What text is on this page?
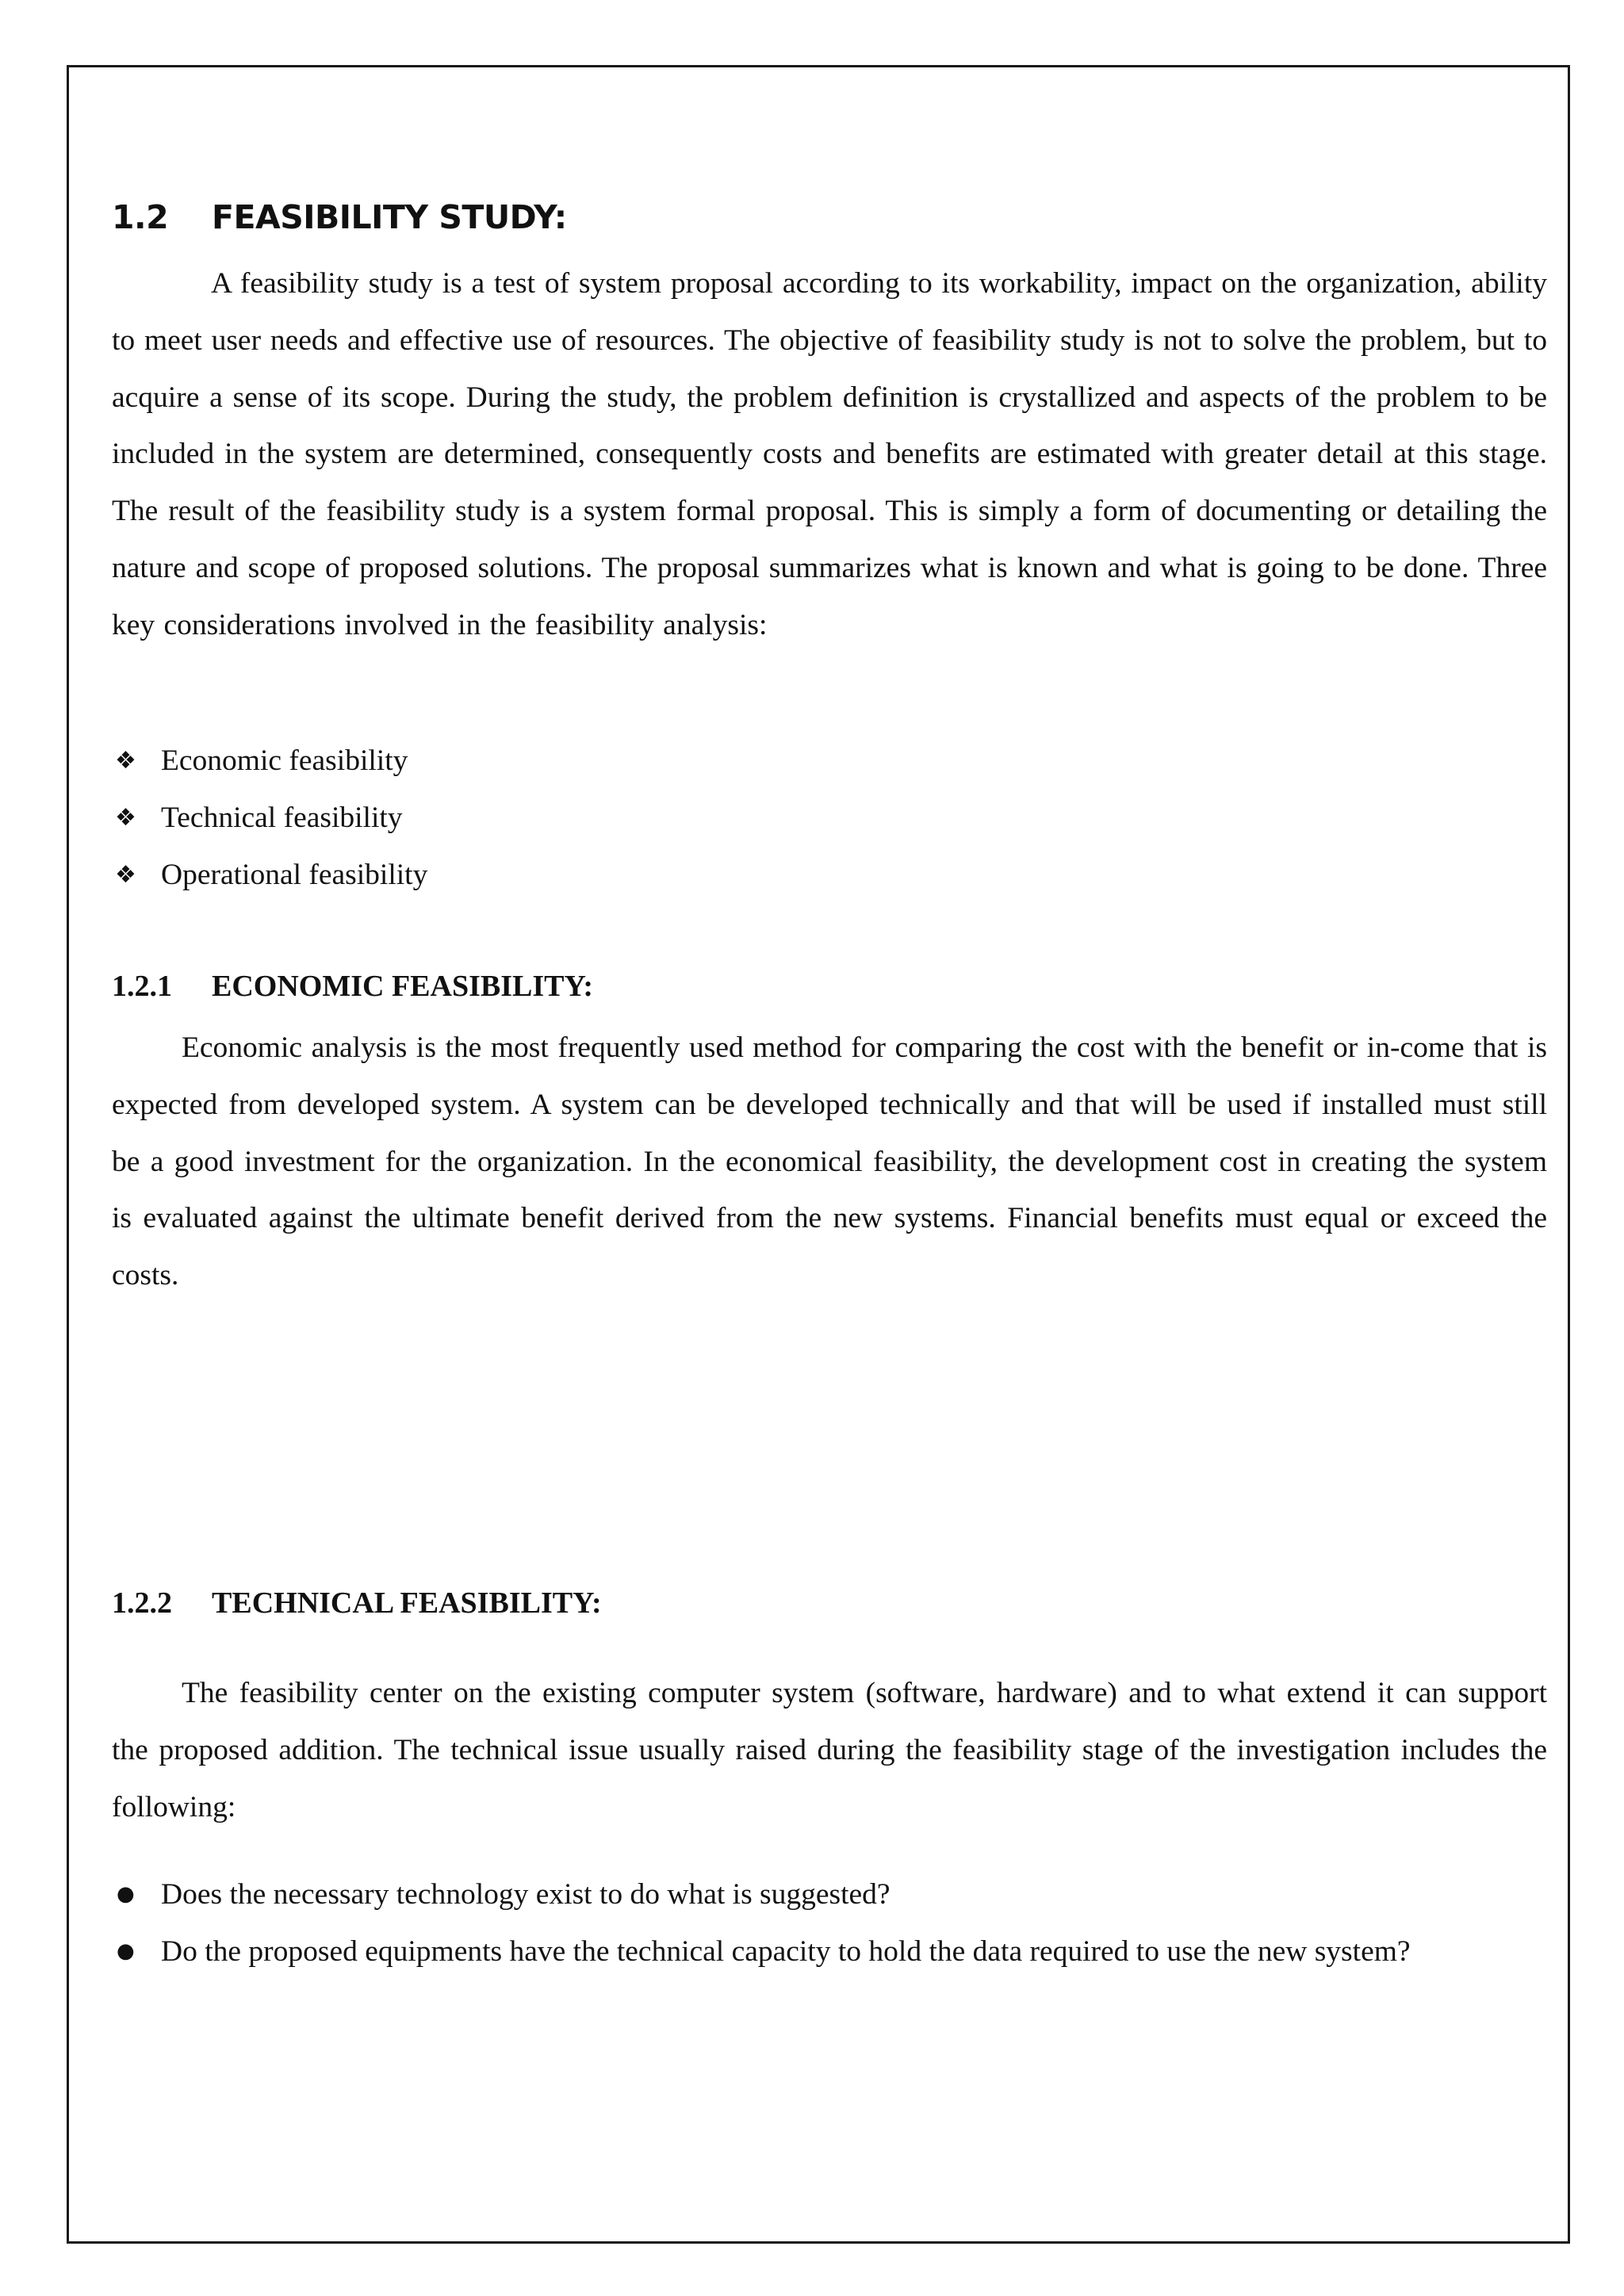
1.2 FEASIBILITY STUDY:

A feasibility study is a test of system proposal according to its workability, impact on the organization, ability to meet user needs and effective use of resources. The objective of feasibility study is not to solve the problem, but to acquire a sense of its scope. During the study, the problem definition is crystallized and aspects of the problem to be included in the system are determined, consequently costs and benefits are estimated with greater detail at this stage. The result of the feasibility study is a system formal proposal. This is simply a form of documenting or detailing the nature and scope of proposed solutions. The proposal summarizes what is known and what is going to be done. Three key considerations involved in the feasibility analysis:

❖ Economic feasibility
❖ Technical feasibility
❖ Operational feasibility
1.2.1 ECONOMIC FEASIBILITY:

Economic analysis is the most frequently used method for comparing the cost with the benefit or in-come that is expected from developed system. A system can be developed technically and that will be used if installed must still be a good investment for the organization. In the economical feasibility, the development cost in creating the system is evaluated against the ultimate benefit derived from the new systems. Financial benefits must equal or exceed the costs.

1.2.2 TECHNICAL FEASIBILITY:

The feasibility center on the existing computer system (software, hardware) and to what extend it can support the proposed addition. The technical issue usually raised during the feasibility stage of the investigation includes the following:

● Does the necessary technology exist to do what is suggested?
● Do the proposed equipments have the technical capacity to hold the data required to use the new system?
